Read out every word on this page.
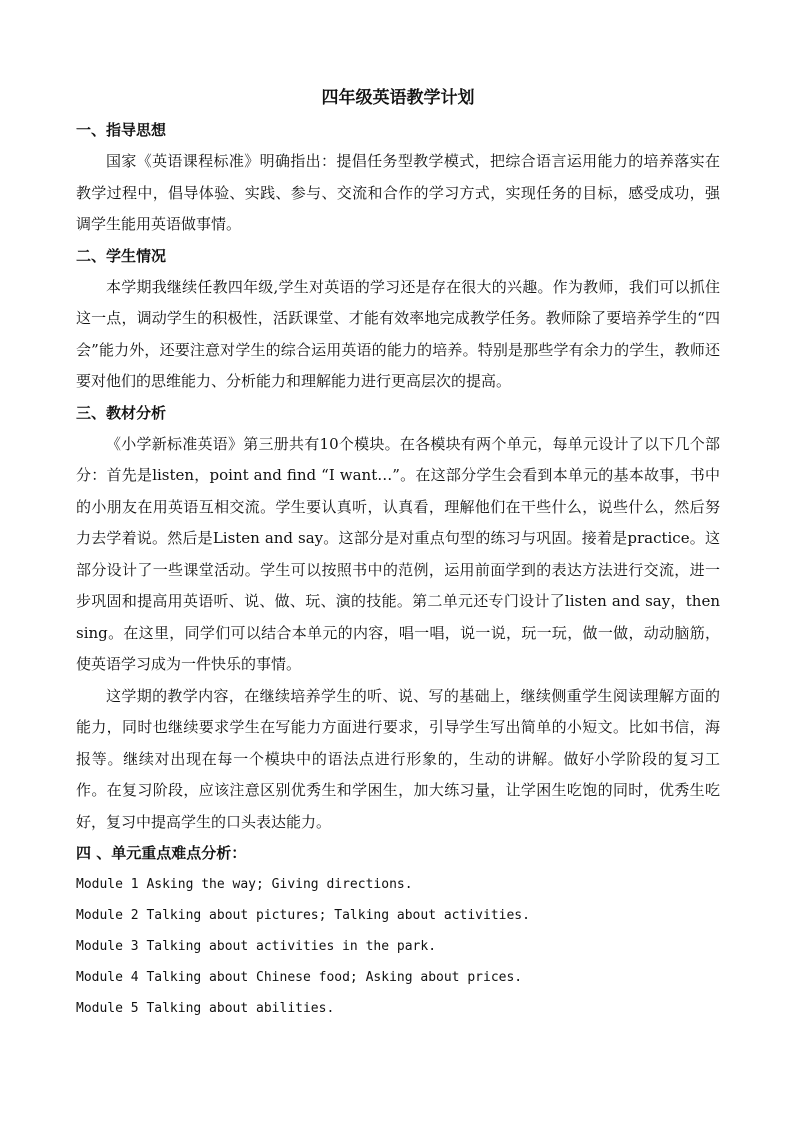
四年级英语教学计划
一、指导思想

国家《英语课程标准》明确指出：提倡任务型教学模式，把综合语言运用能力的培养落实在教学过程中，倡导体验、实践、参与、交流和合作的学习方式，实现任务的目标，感受成功，强调学生能用英语做事情。

二、学生情况

本学期我继续任教四年级,学生对英语的学习还是存在很大的兴趣。作为教师，我们可以抓住这一点，调动学生的积极性，活跃课堂、才能有效率地完成教学任务。教师除了要培养学生的“四会”能力外，还要注意对学生的综合运用英语的能力的培养。特别是那些学有余力的学生，教师还要对他们的思维能力、分析能力和理解能力进行更高层次的提高。

三、教材分析

《小学新标准英语》第三册共有10个模块。在各模块有两个单元，每单元设计了以下几个部分：首先是listen，point and find “I want…”。在这部分学生会看到本单元的基本故事，书中的小朋友在用英语互相交流。学生要认真听，认真看，理解他们在干些什么，说些什么，然后努力去学着说。然后是Listen and say。这部分是对重点句型的练习与巩固。接着是practice。这部分设计了一些课堂活动。学生可以按照书中的范例，运用前面学到的表达方法进行交流，进一步巩固和提高用英语听、说、做、玩、演的技能。第二单元还专门设计了listen and say，then sing。在这里，同学们可以结合本单元的内容，唱一唱，说一说，玩一玩，做一做，动动脑筋，使英语学习成为一件快乐的事情。

这学期的教学内容，在继续培养学生的听、说、写的基础上，继续侧重学生阅读理解方面的能力，同时也继续要求学生在写能力方面进行要求，引导学生写出简单的小短文。比如书信，海报等。继续对出现在每一个模块中的语法点进行形象的，生动的讲解。做好小学阶段的复习工作。在复习阶段，应该注意区别优秀生和学困生，加大练习量，让学困生吃饱的同时，优秀生吃好，复习中提高学生的口头表达能力。

四 、单元重点难点分析：
Module 1 Asking the way; Giving directions.
Module 2 Talking about pictures; Talking about activities.
Module 3 Talking about activities in the park.
Module 4 Talking about Chinese food; Asking about prices.
Module 5 Talking about abilities.
